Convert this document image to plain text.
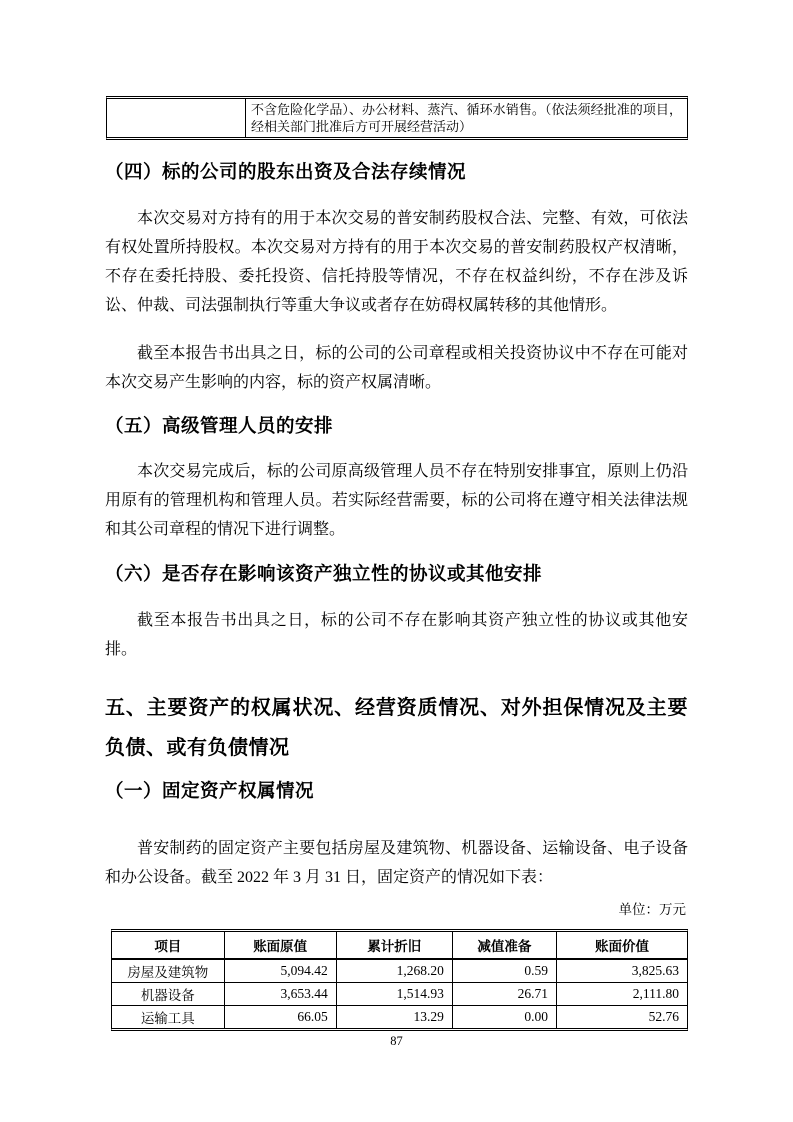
	不含危险化学品）、办公材料、蒸汽、循环水销售。（依法须经批准的项目，经相关部门批准后方可开展经营活动）
（四）标的公司的股东出资及合法存续情况

本次交易对方持有的用于本次交易的普安制药股权合法、完整、有效，可依法有权处置所持股权。本次交易对方持有的用于本次交易的普安制药股权产权清晰，不存在委托持股、委托投资、信托持股等情况，不存在权益纠纷，不存在涉及诉讼、仲裁、司法强制执行等重大争议或者存在妨碍权属转移的其他情形。

截至本报告书出具之日，标的公司的公司章程或相关投资协议中不存在可能对本次交易产生影响的内容，标的资产权属清晰。

（五）高级管理人员的安排

本次交易完成后，标的公司原高级管理人员不存在特别安排事宜，原则上仍沿用原有的管理机构和管理人员。若实际经营需要，标的公司将在遵守相关法律法规和其公司章程的情况下进行调整。

（六）是否存在影响该资产独立性的协议或其他安排

截至本报告书出具之日，标的公司不存在影响其资产独立性的协议或其他安排。

五、主要资产的权属状况、经营资质情况、对外担保情况及主要负债、或有负债情况
（一）固定资产权属情况

普安制药的固定资产主要包括房屋及建筑物、机器设备、运输设备、电子设备和办公设备。截至 2022 年 3 月 31 日，固定资产的情况如下表：

单位：万元
项目	账面原值	累计折旧	减值准备	账面价值
房屋及建筑物	5,094.42	1,268.20	0.59	3,825.63
机器设备	3,653.44	1,514.93	26.71	2,111.80
运输工具	66.05	13.29	0.00	52.76
87
